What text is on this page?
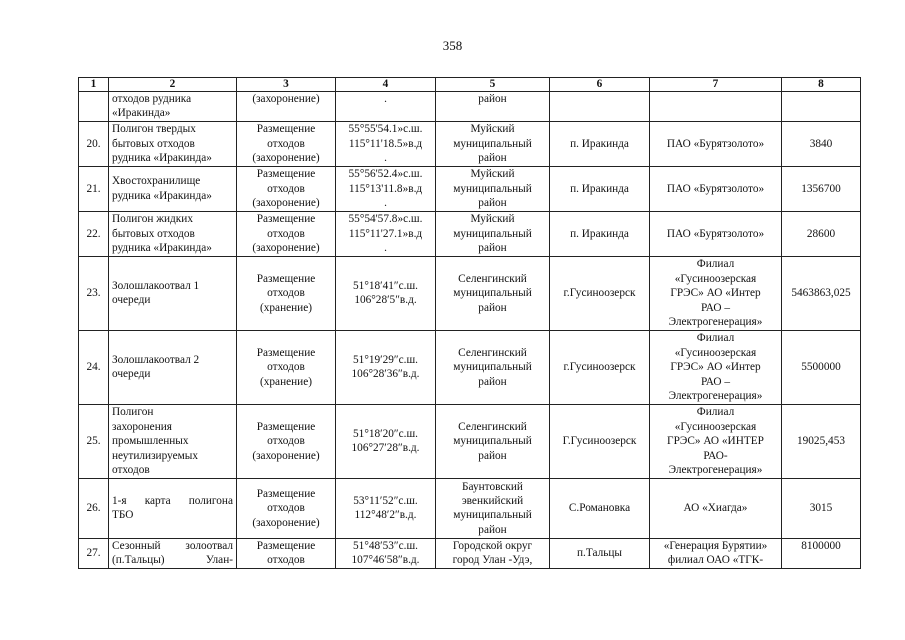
358
1	2	3	4	5	6	7	8

	отходов рудника
«Иракинда»	(захоронение)	.	район			

20.	Полигон твердых
бытовых отходов
рудника «Иракинда»	Размещение
отходов
(захоронение)	55°55'54.1»с.ш.
115°11'18.5»в.д
.	Муйский
муниципальный
район	п. Иракинда	ПАО «Бурятзолото»	3840
21.	Хвостохранилище
рудника «Иракинда»	Размещение
отходов
(захоронение)	55°56'52.4»с.ш.
115°13'11.8»в.д
.	Муйский
муниципальный
район	п. Иракинда	ПАО «Бурятзолото»	1356700
22.	Полигон жидких
бытовых отходов
рудника «Иракинда»	Размещение
отходов
(захоронение)	55°54'57.8»с.ш.
115°11'27.1»в.д
.	Муйский
муниципальный
район	п. Иракинда	ПАО «Бурятзолото»	28600
23.	Золошлакоотвал 1
очереди	Размещение
отходов
(хранение)	51°18′41″с.ш.
106°28′5″в.д.	Селенгинский
муниципальный
район	г.Гусиноозерск	Филиал
«Гусиноозерская
ГРЭС» АО «Интер
РАО –
Электрогенерация»	5463863,025
24.	Золошлакоотвал 2
очереди	Размещение
отходов
(хранение)	51°19′29″с.ш.
106°28′36″в.д.	Селенгинский
муниципальный
район	г.Гусиноозерск	Филиал
«Гусиноозерская
ГРЭС» АО «Интер
РАО –
Электрогенерация»	5500000
25.	Полигон
захоронения
промышленных
неутилизируемых
отходов	Размещение
отходов
(захоронение)	51°18′20″с.ш.
106°27′28″в.д.	Селенгинский
муниципальный
район	Г.Гусиноозерск	Филиал
«Гусиноозерская
ГРЭС» АО «ИНТЕР
РАО-
Электрогенерация»	19025,453
26.	1-я карта полигона
ТБО	Размещение
отходов
(захоронение)	53°11′52″с.ш.
112°48′2″в.д.	Баунтовский
эвенкийский
муниципальный
район	С.Романовка	АО «Хиагда»	3015
27.	Сезонный золоотвал
(п.Тальцы) Улан-	Размещение
отходов	51°48′53″с.ш.
107°46′58″в.д.	Городской округ
город Улан -Удэ,	п.Тальцы	«Генерация Бурятии»
филиал ОАО «ТГК-	8100000
